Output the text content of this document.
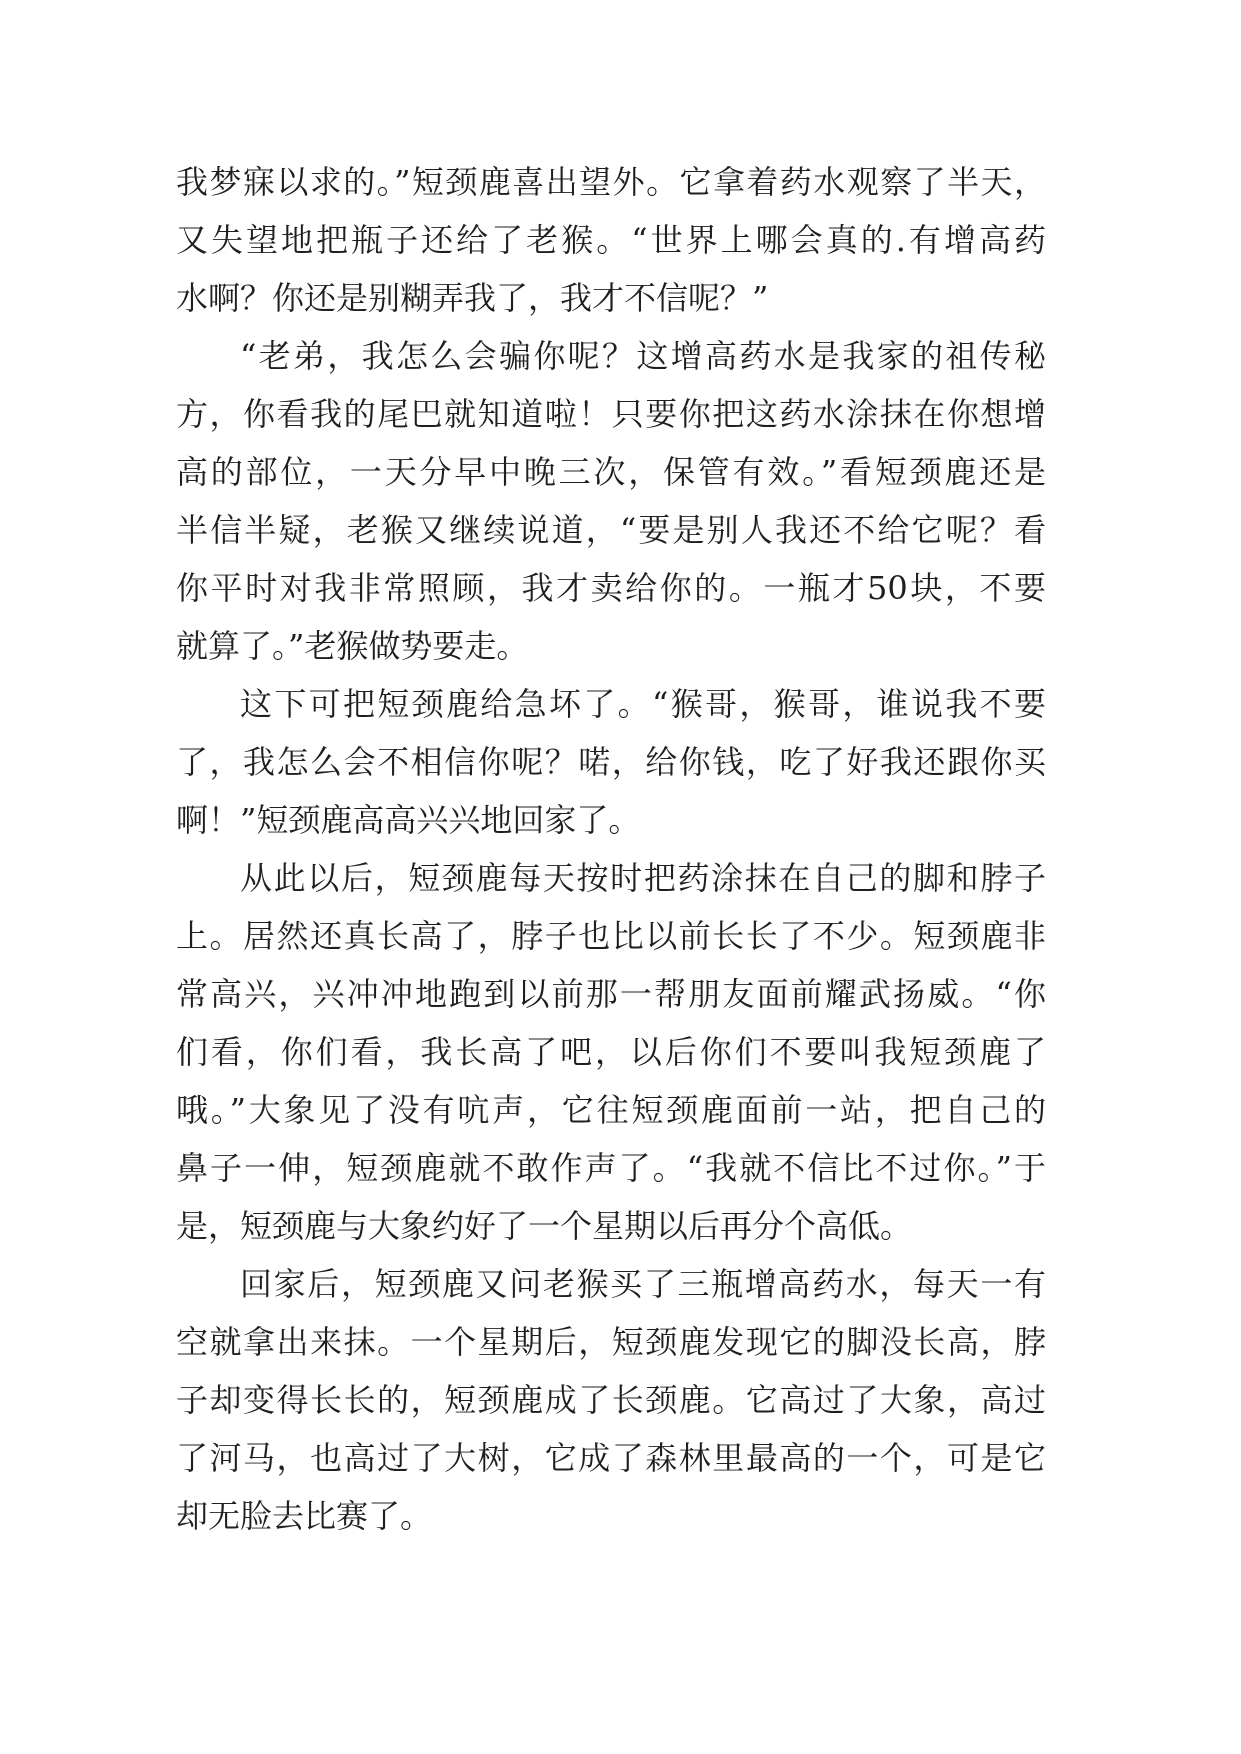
我梦寐以求的。”短颈鹿喜出望外。它拿着药水观察了半天，
又失望地把瓶子还给了老猴。“世界上哪会真的.有增高药
水啊？你还是别糊弄我了，我才不信呢？”
“老弟，我怎么会骗你呢？这增高药水是我家的祖传秘
方，你看我的尾巴就知道啦！只要你把这药水涂抹在你想增
高的部位，一天分早中晚三次，保管有效。”看短颈鹿还是
半信半疑，老猴又继续说道，“要是别人我还不给它呢？看
你平时对我非常照顾，我才卖给你的。一瓶才50块，不要
就算了。”老猴做势要走。
这下可把短颈鹿给急坏了。“猴哥，猴哥，谁说我不要
了，我怎么会不相信你呢？喏，给你钱，吃了好我还跟你买
啊！”短颈鹿高高兴兴地回家了。
从此以后，短颈鹿每天按时把药涂抹在自己的脚和脖子
上。居然还真长高了，脖子也比以前长长了不少。短颈鹿非
常高兴，兴冲冲地跑到以前那一帮朋友面前耀武扬威。“你
们看，你们看，我长高了吧，以后你们不要叫我短颈鹿了
哦。”大象见了没有吭声，它往短颈鹿面前一站，把自己的
鼻子一伸，短颈鹿就不敢作声了。“我就不信比不过你。”于
是，短颈鹿与大象约好了一个星期以后再分个高低。
回家后，短颈鹿又问老猴买了三瓶增高药水，每天一有
空就拿出来抹。一个星期后，短颈鹿发现它的脚没长高，脖
子却变得长长的，短颈鹿成了长颈鹿。它高过了大象，高过
了河马，也高过了大树，它成了森林里最高的一个，可是它
却无脸去比赛了。
